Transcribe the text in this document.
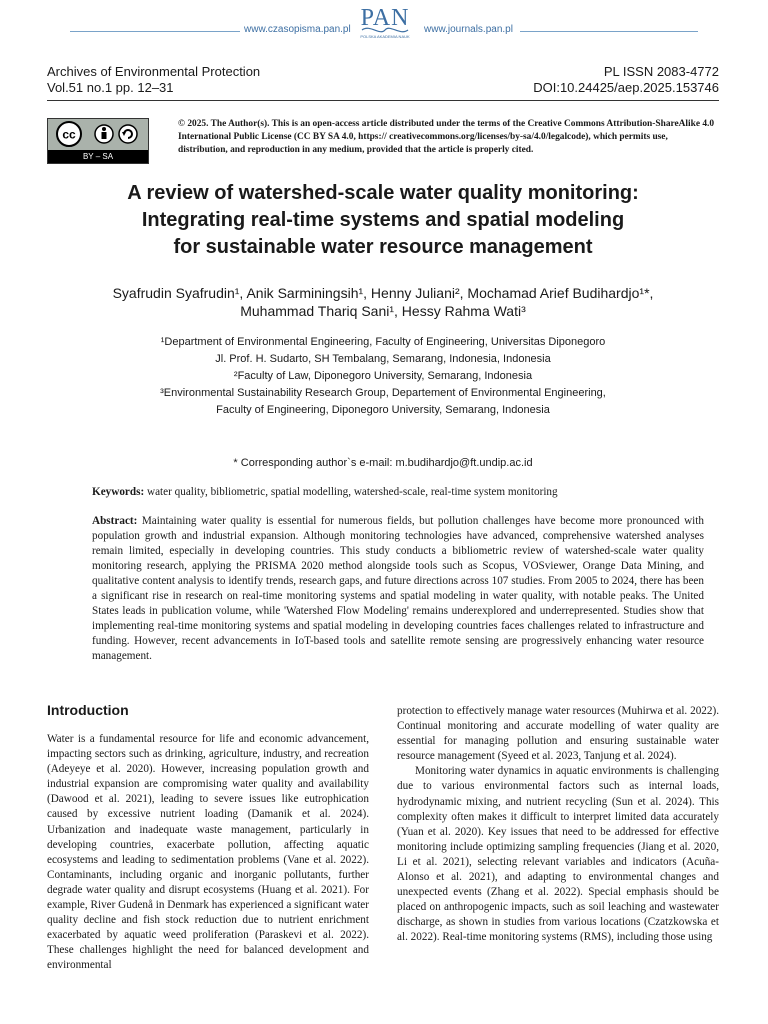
www.czasopisma.pan.pl PAN
POLSKA AKADEMIA NAUK
www.journals.pan.pl
Archives of Environmental Protection	PL ISSN 2083-4772
Vol.51 no.1 pp. 12–31	DOI:10.24425/aep.2025.153746
cc
BY – SA
© 2025. The Author(s). This is an open-access article distributed under the terms of the Creative Commons Attribution-ShareAlike 4.0 International Public License (CC BY SA 4.0, https:// creativecommons.org/licenses/by-sa/4.0/legalcode), which permits use, distribution, and reproduction in any medium, provided that the article is properly cited.
A review of watershed-scale water quality monitoring:
Integrating real-time systems and spatial modeling
for sustainable water resource management
Syafrudin Syafrudin¹, Anik Sarminingsih¹, Henny Juliani², Mochamad Arief Budihardjo¹*,
Muhammad Thariq Sani¹, Hessy Rahma Wati³
¹Department of Environmental Engineering, Faculty of Engineering, Universitas Diponegoro
Jl. Prof. H. Sudarto, SH Tembalang, Semarang, Indonesia, Indonesia
²Faculty of Law, Diponegoro University, Semarang, Indonesia
³Environmental Sustainability Research Group, Departement of Environmental Engineering,
Faculty of Engineering, Diponegoro University, Semarang, Indonesia
* Corresponding author`s e-mail: m.budihardjo@ft.undip.ac.id
Keywords: water quality, bibliometric, spatial modelling, watershed-scale, real-time system monitoring
Abstract: Maintaining water quality is essential for numerous fields, but pollution challenges have become more pronounced with population growth and industrial expansion. Although monitoring technologies have advanced, comprehensive watershed analyses remain limited, especially in developing countries. This study conducts a bibliometric review of watershed-scale water quality monitoring research, applying the PRISMA 2020 method alongside tools such as Scopus, VOSviewer, Orange Data Mining, and qualitative content analysis to identify trends, research gaps, and future directions across 107 studies. From 2005 to 2024, there has been a significant rise in research on real-time monitoring systems and spatial modeling in water quality, with notable peaks. The United States leads in publication volume, while 'Watershed Flow Modeling' remains underexplored and underrepresented. Studies show that implementing real-time monitoring systems and spatial modeling in developing countries faces challenges related to infrastructure and funding. However, recent advancements in IoT-based tools and satellite remote sensing are progressively enhancing water resource management.
Introduction

Water is a fundamental resource for life and economic advancement, impacting sectors such as drinking, agriculture, industry, and recreation (Adeyeye et al. 2020). However, increasing population growth and industrial expansion are compromising water quality and availability (Dawood et al. 2021), leading to severe issues like eutrophication caused by excessive nutrient loading (Damanik et al. 2024). Urbanization and inadequate waste management, particularly in developing countries, exacerbate pollution, affecting aquatic ecosystems and leading to sedimentation problems (Vane et al. 2022). Contaminants, including organic and inorganic pollutants, further degrade water quality and disrupt ecosystems (Huang et al. 2021). For example, River Gudenå in Denmark has experienced a significant water quality decline and fish stock reduction due to nutrient enrichment exacerbated by aquatic weed proliferation (Paraskevi et al. 2022). These challenges highlight the need for balanced development and environmental

protection to effectively manage water resources (Muhirwa et al. 2022). Continual monitoring and accurate modelling of water quality are essential for managing pollution and ensuring sustainable water resource management (Syeed et al. 2023, Tanjung et al. 2024).

Monitoring water dynamics in aquatic environments is challenging due to various environmental factors such as internal loads, hydrodynamic mixing, and nutrient recycling (Sun et al. 2024). This complexity often makes it difficult to interpret limited data accurately (Yuan et al. 2020). Key issues that need to be addressed for effective monitoring include optimizing sampling frequencies (Jiang et al. 2020, Li et al. 2021), selecting relevant variables and indicators (Acuña-Alonso et al. 2021), and adapting to environmental changes and unexpected events (Zhang et al. 2022). Special emphasis should be placed on anthropogenic impacts, such as soil leaching and wastewater discharge, as shown in studies from various locations (Czatzkowska et al. 2022). Real-time monitoring systems (RMS), including those using
